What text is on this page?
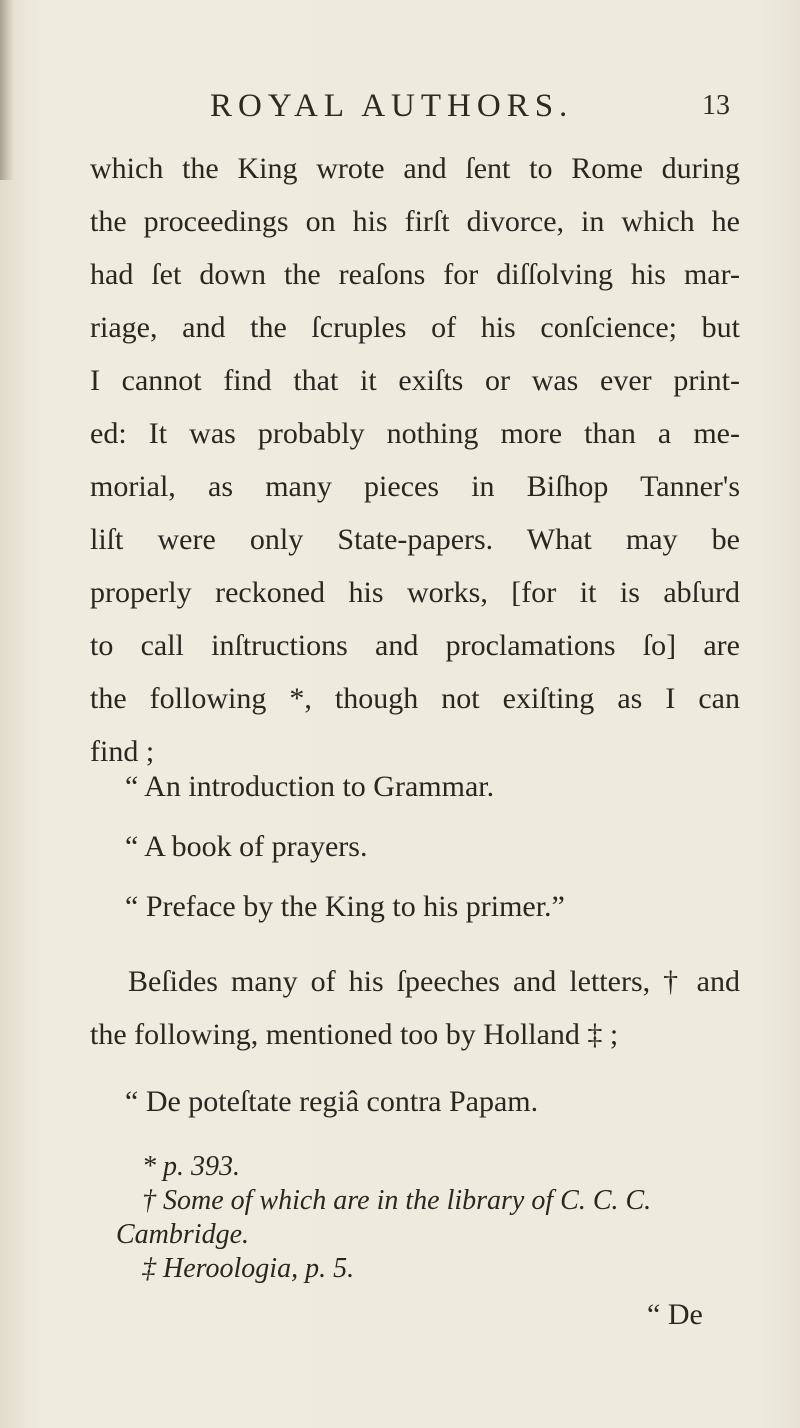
ROYAL AUTHORS.	13
which the King wrote and ſent to Rome during
the proceedings on his firſt divorce, in which he
had ſet down the reaſons for diſſolving his mar-
riage, and the ſcruples of his conſcience; but
I cannot find that it exiſts or was ever print-
ed: It was probably nothing more than a me-
morial, as many pieces in Biſhop Tanner's
liſt were only State-papers. What may be
properly reckoned his works, [for it is abſurd
to call inſtructions and proclamations ſo] are
the following *, though not exiſting as I can
find ;
“ An introduction to Grammar.
“ A book of prayers.
“ Preface by the King to his primer.”
Beſides many of his ſpeeches and letters, † and
the following, mentioned too by Holland ‡ ;
“ De poteſtate regiâ contra Papam.
* p. 393.
† Some of which are in the library of C. C. C.
Cambridge.
‡ Heroologia, p. 5.
“ De
